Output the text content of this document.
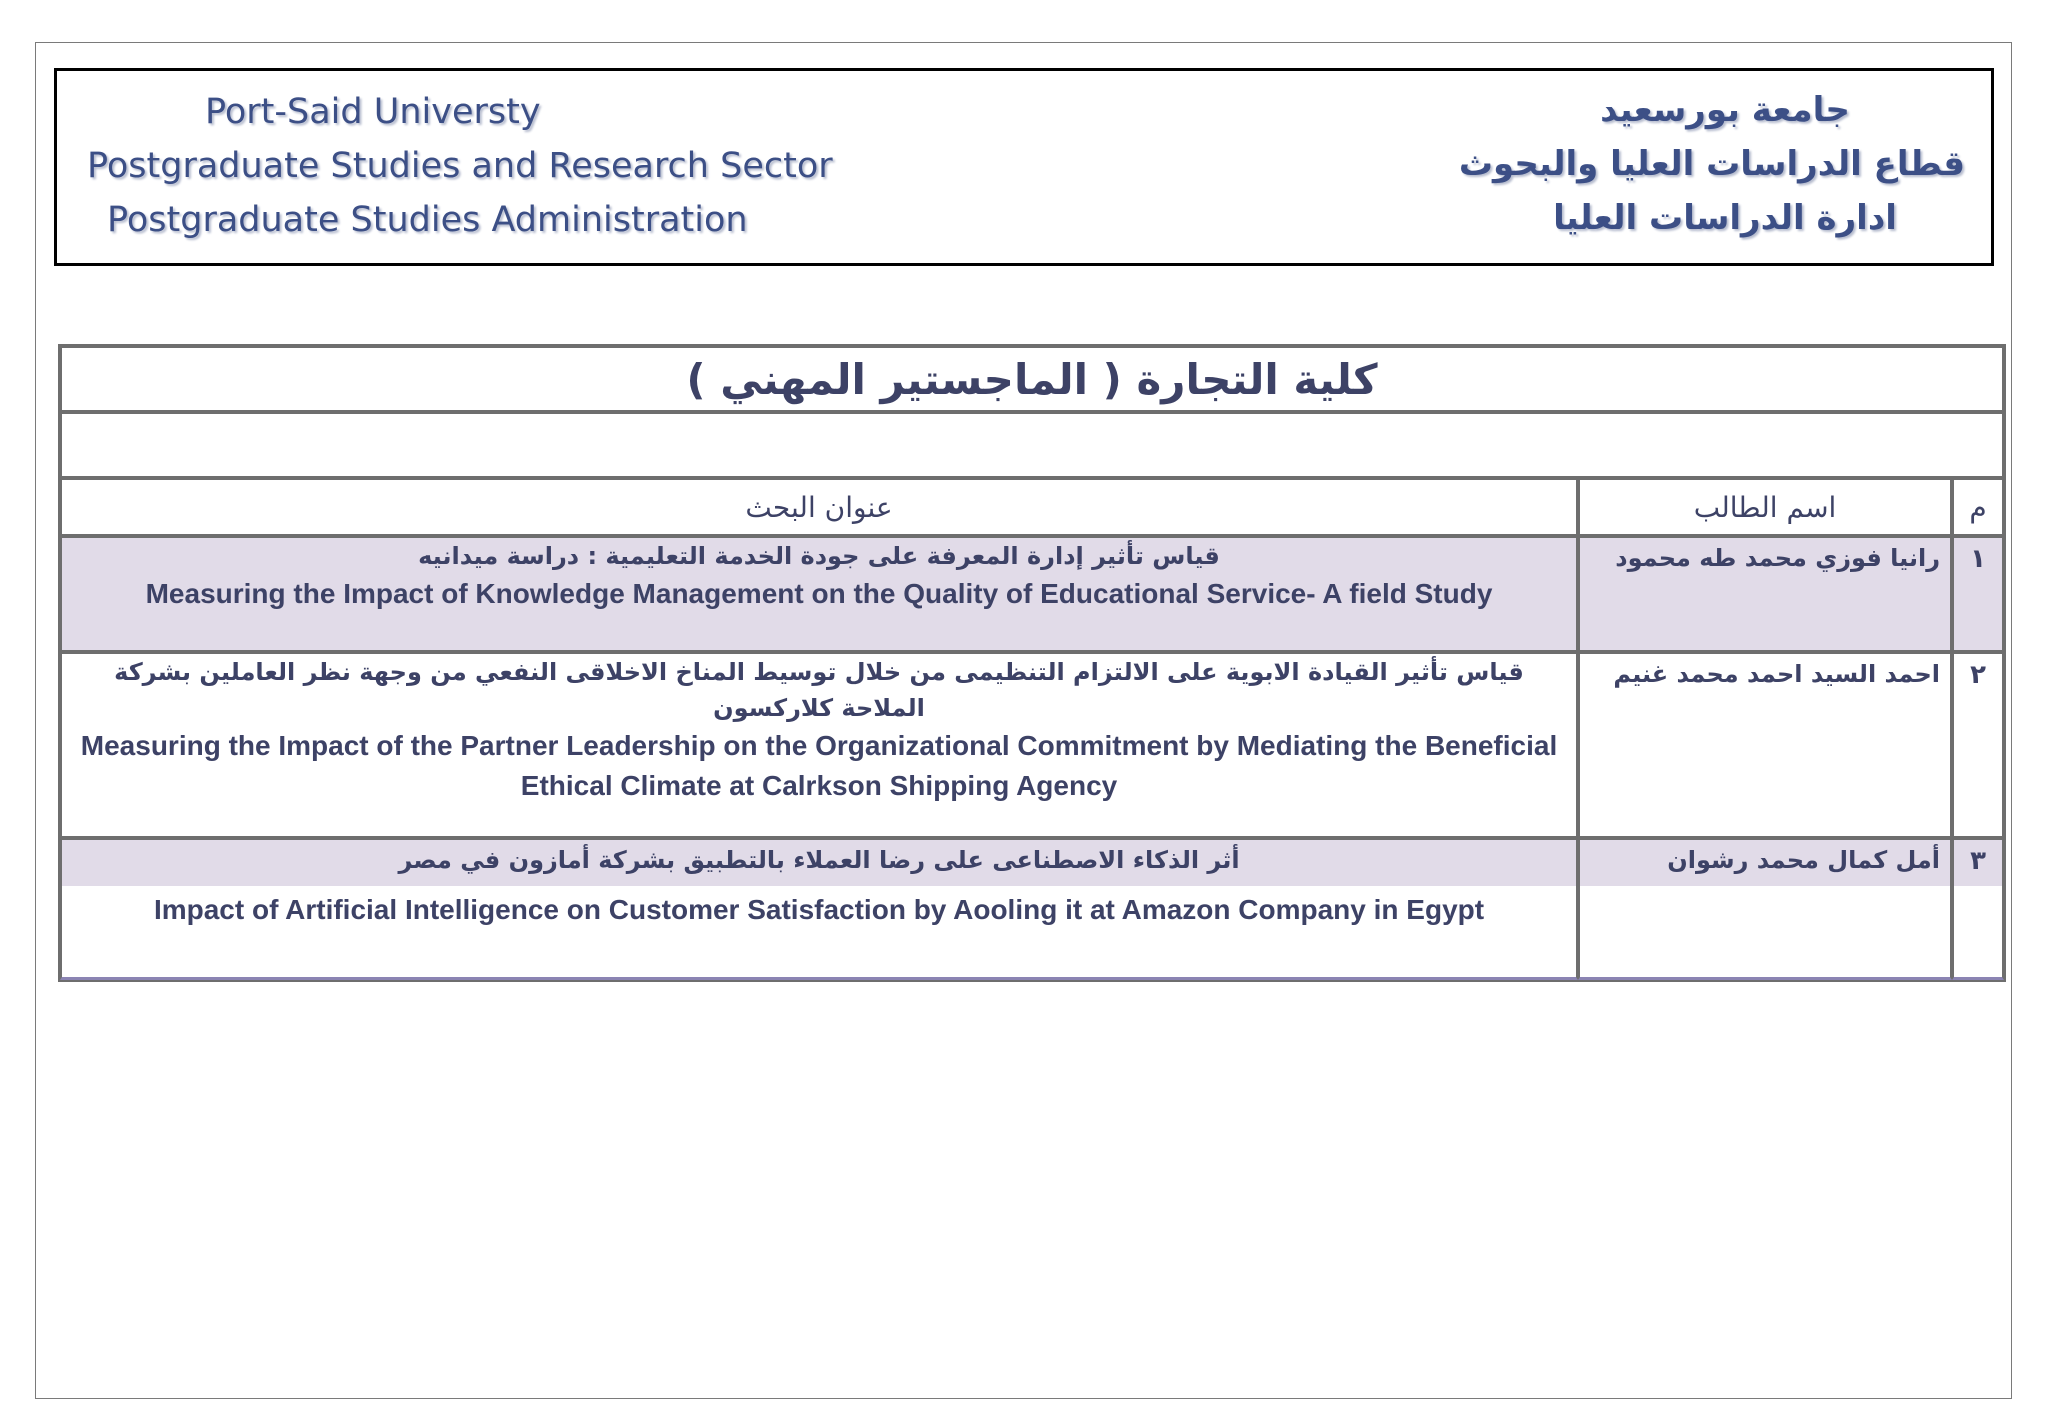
Port-Said Universty
Postgraduate Studies and Research Sector
Postgraduate Studies Administration
جامعة بورسعيد
قطاع الدراسات العليا والبحوث
ادارة الدراسات العليا
كلية التجارة ( الماجستير المهني )		

م	اسم الطالب	عنوان البحث
١	رانيا فوزي محمد طه محمود	قياس تأثير إدارة المعرفة على جودة الخدمة التعليمية : دراسة ميدانيه
Measuring the Impact of Knowledge Management on the Quality of Educational Service- A field Study

٢	احمد السيد احمد محمد غنيم	قياس تأثير القيادة الابوية على الالتزام التنظيمى من خلال توسيط المناخ الاخلاقى النفعي من وجهة نظر العاملين بشركة الملاحة كلاركسون
Measuring the Impact of the Partner Leadership on the Organizational Commitment by Mediating the Beneficial Ethical Climate at Calrkson Shipping Agency

٣	أمل كمال محمد رشوان	أثر الذكاء الاصطناعى على رضا العملاء بالتطبيق بشركة أمازون في مصر
Impact of Artificial Intelligence on Customer Satisfaction by Aooling it at Amazon Company in Egypt
